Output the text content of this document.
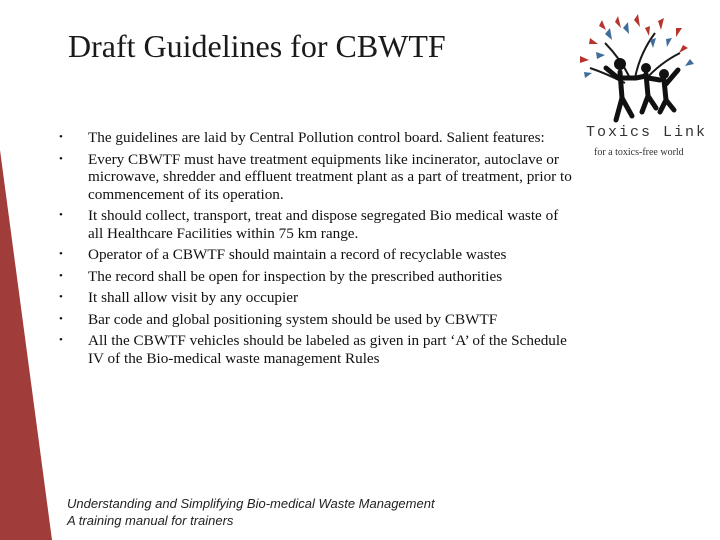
Draft Guidelines for CBWTF
Toxics Link
for a toxics-free world
• The guidelines are laid by Central Pollution control board. Salient features:
• Every CBWTF must have treatment equipments like incinerator, autoclave or microwave, shredder and effluent treatment plant as a part of treatment, prior to commencement of its operation.
• It should collect, transport, treat and dispose segregated Bio medical waste of all Healthcare Facilities within 75 km range.
• Operator of a CBWTF should maintain a record of recyclable wastes
• The record shall be open for inspection by the prescribed authorities
• It shall allow visit by any occupier
• Bar code and global positioning system should be used by CBWTF
• All the CBWTF vehicles should be labeled as given in part ‘A’ of the Schedule IV of the Bio-medical waste management Rules
Understanding and Simplifying Bio-medical Waste Management
A training manual for trainers
